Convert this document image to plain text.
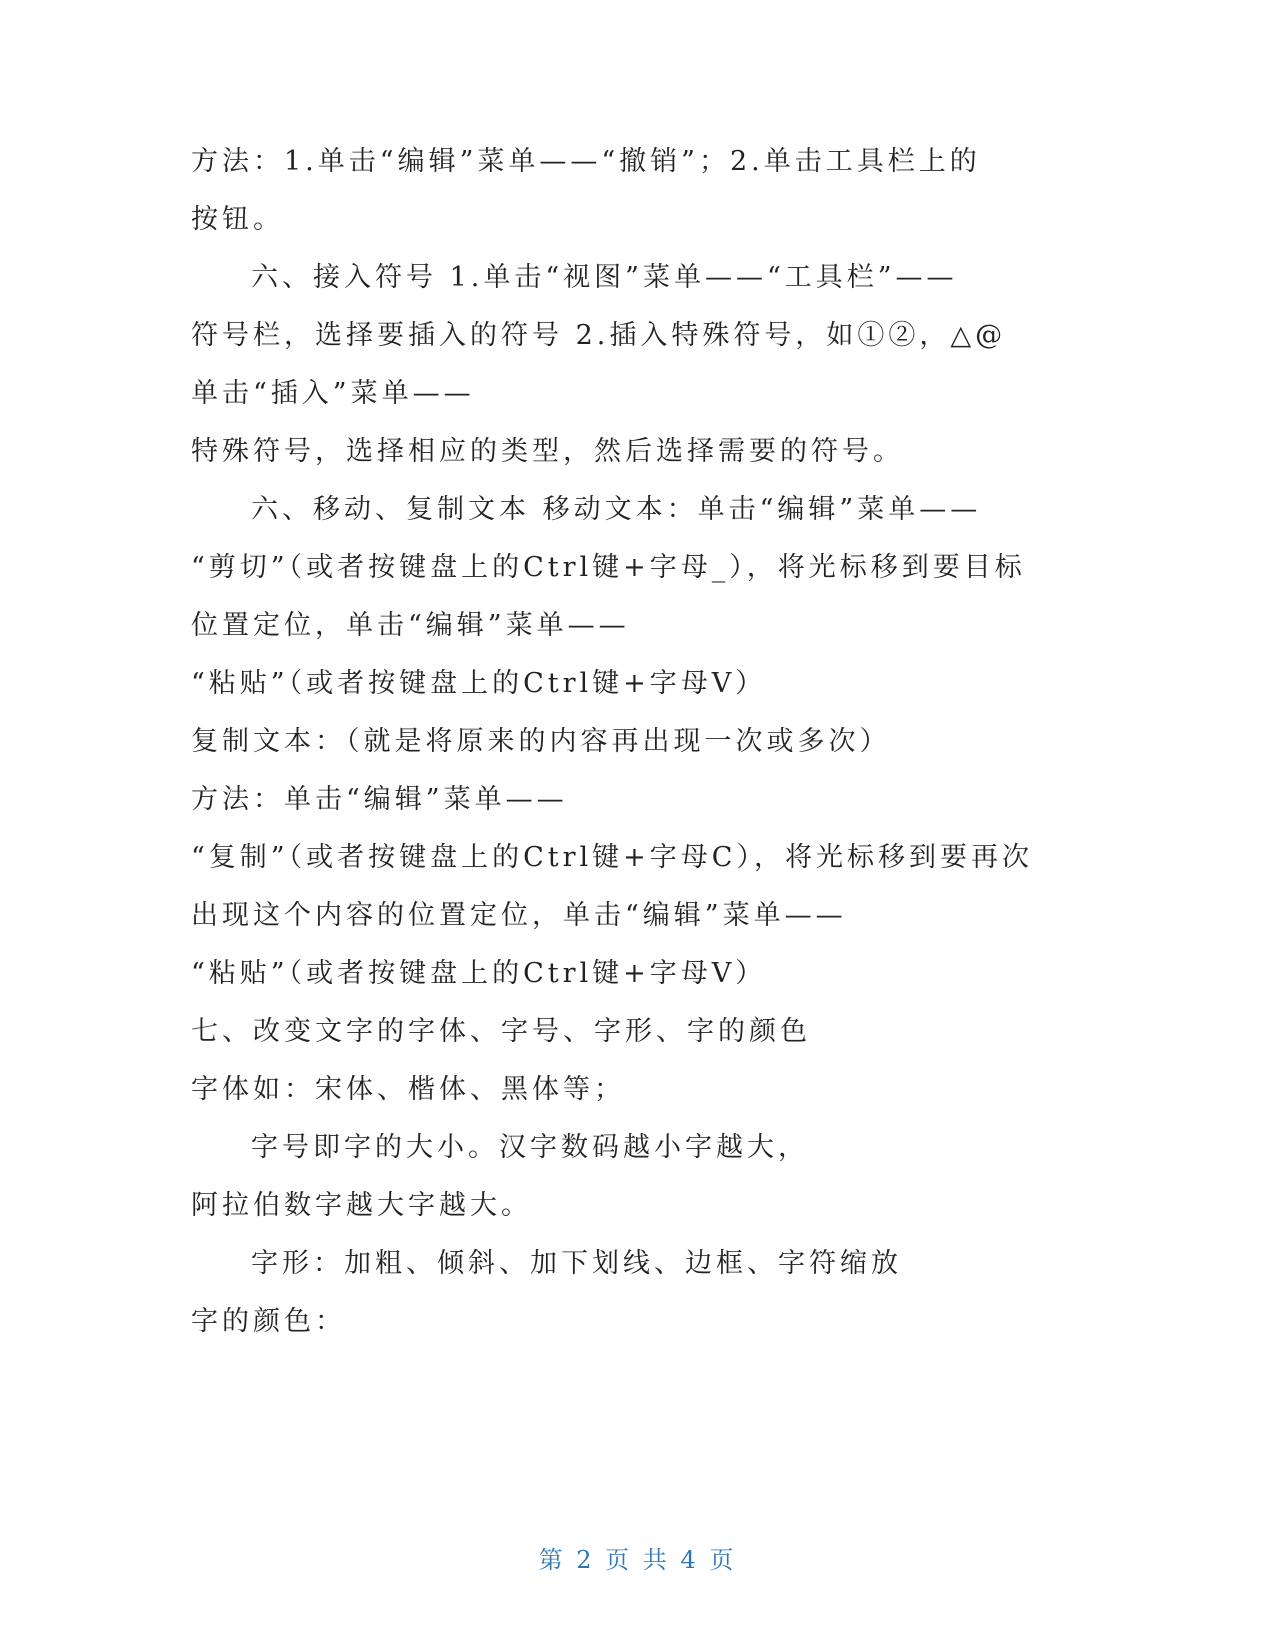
方法：1.单击“编辑”菜单——“撤销”；2.单击工具栏上的
按钮。
六、接入符号 1.单击“视图”菜单——“工具栏”——
符号栏，选择要插入的符号 2.插入特殊符号，如①②，△@
单击“插入”菜单——
特殊符号，选择相应的类型，然后选择需要的符号。
六、移动、复制文本 移动文本：单击“编辑”菜单——
“剪切”（或者按键盘上的Ctrl键+字母_），将光标移到要目标
位置定位，单击“编辑”菜单——
“粘贴”（或者按键盘上的Ctrl键+字母V）
复制文本：（就是将原来的内容再出现一次或多次）
方法：单击“编辑”菜单——
“复制”（或者按键盘上的Ctrl键+字母C），将光标移到要再次
出现这个内容的位置定位，单击“编辑”菜单——
“粘贴”（或者按键盘上的Ctrl键+字母V）
七、改变文字的字体、字号、字形、字的颜色
字体如：宋体、楷体、黑体等；
字号即字的大小。汉字数码越小字越大，
阿拉伯数字越大字越大。
字形：加粗、倾斜、加下划线、边框、字符缩放
字的颜色：
第 2 页 共 4 页
